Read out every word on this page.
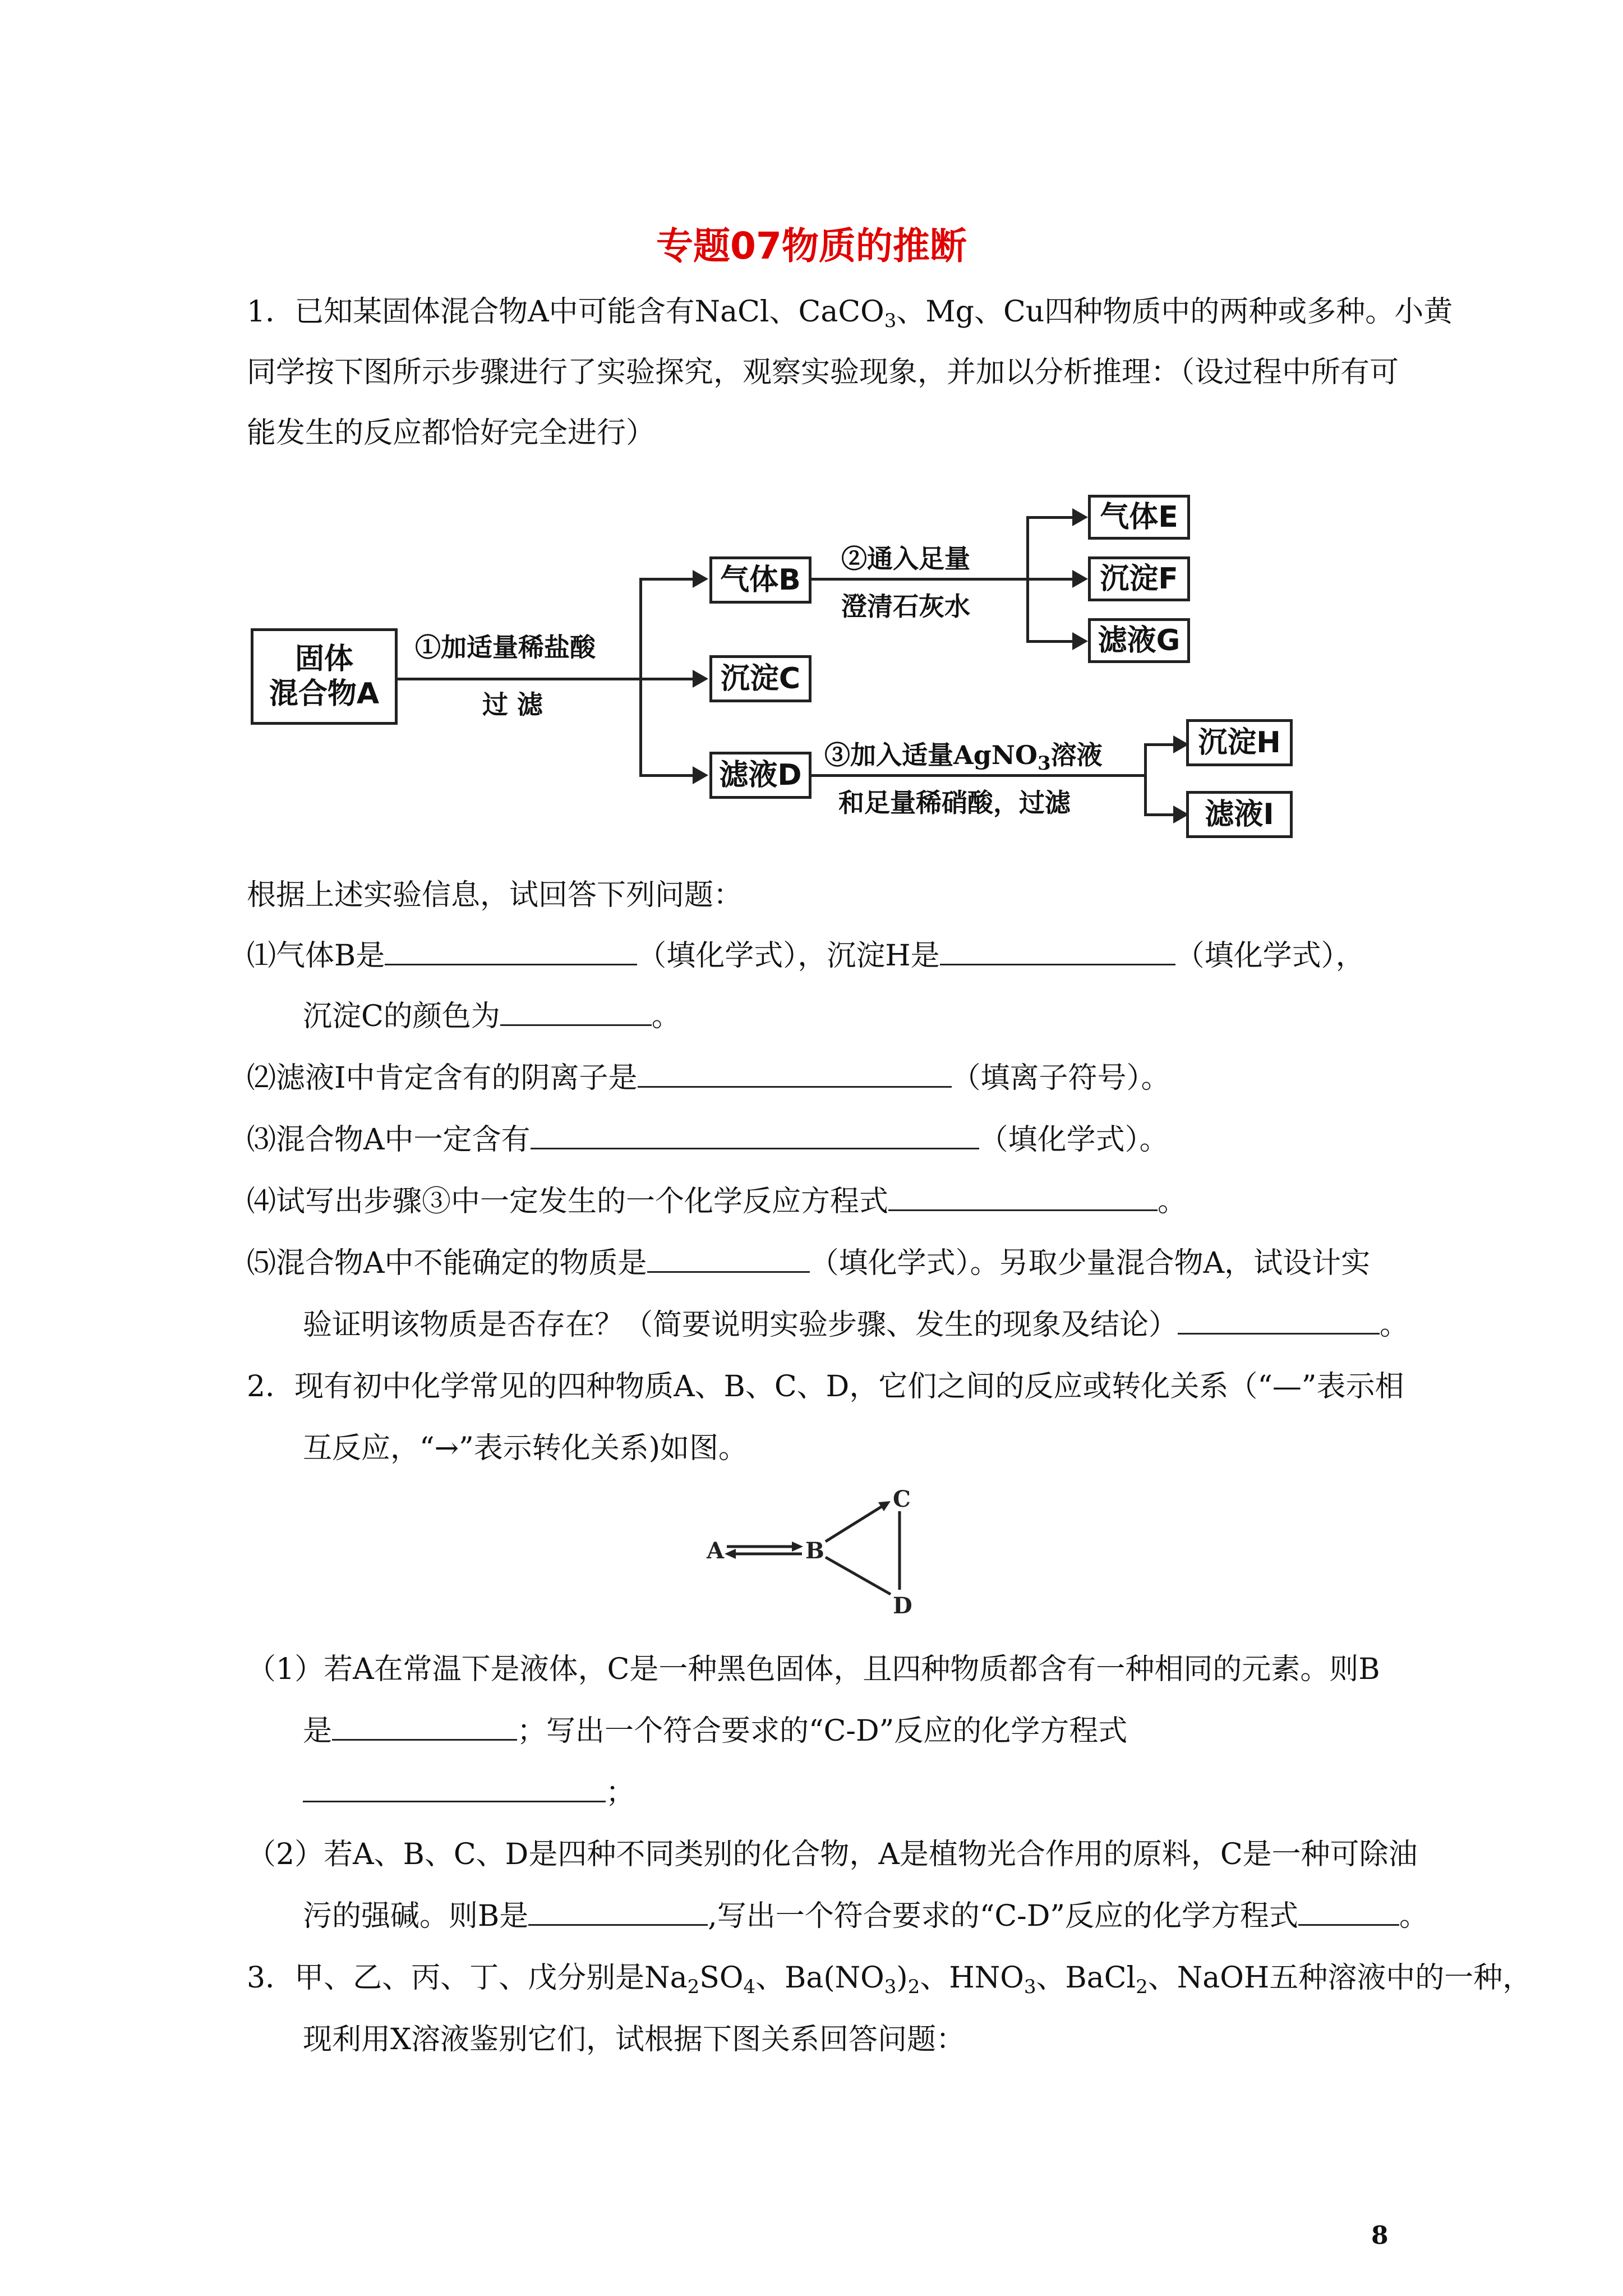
专题07物质的推断
1．已知某固体混合物A中可能含有NaCl、CaCO$_3$、Mg、Cu四种物质中的两种或多种。小黄
同学按下图所示步骤进行了实验探究，观察实验现象，并加以分析推理：（设过程中所有可
能发生的反应都恰好完全进行）
固体
混合物A
①加适量稀盐酸
过 滤
气体B
沉淀C
滤液D
②通入足量
澄清石灰水
气体E
沉淀F
滤液G
③加入适量AgNO$_3$溶液
和足量稀硝酸，过滤
沉淀H
滤液I
根据上述实验信息，试回答下列问题：
⑴气体B是	（填化学式），沉淀H是	（填化学式），
沉淀C的颜色为	。
⑵滤液I中肯定含有的阴离子是	（填离子符号）。
⑶混合物A中一定含有	（填化学式）。
⑷试写出步骤③中一定发生的一个化学反应方程式	。
⑸混合物A中不能确定的物质是	（填化学式）。另取少量混合物A，试设计实
验证明该物质是否存在？（简要说明实验步骤、发生的现象及结论）	。
2．现有初中化学常见的四种物质A、B、C、D，它们之间的反应或转化关系（“—”表示相
互反应，“→”表示转化关系)如图。
A	B
C
D
（1）若A在常温下是液体，C是一种黑色固体，且四种物质都含有一种相同的元素。则B
是	；写出一个符合要求的“C-D”反应的化学方程式
；
（2）若A、B、C、D是四种不同类别的化合物，A是植物光合作用的原料，C是一种可除油
污的强碱。则B是	,写出一个符合要求的“C-D”反应的化学方程式	。
3．甲、乙、丙、丁、戊分别是$Na_2SO_4$、$Ba(NO_3)_2$、$HNO_3$、BaCl$_2$、NaOH五种溶液中的一种，
现利用X溶液鉴别它们，试根据下图关系回答问题：
8
